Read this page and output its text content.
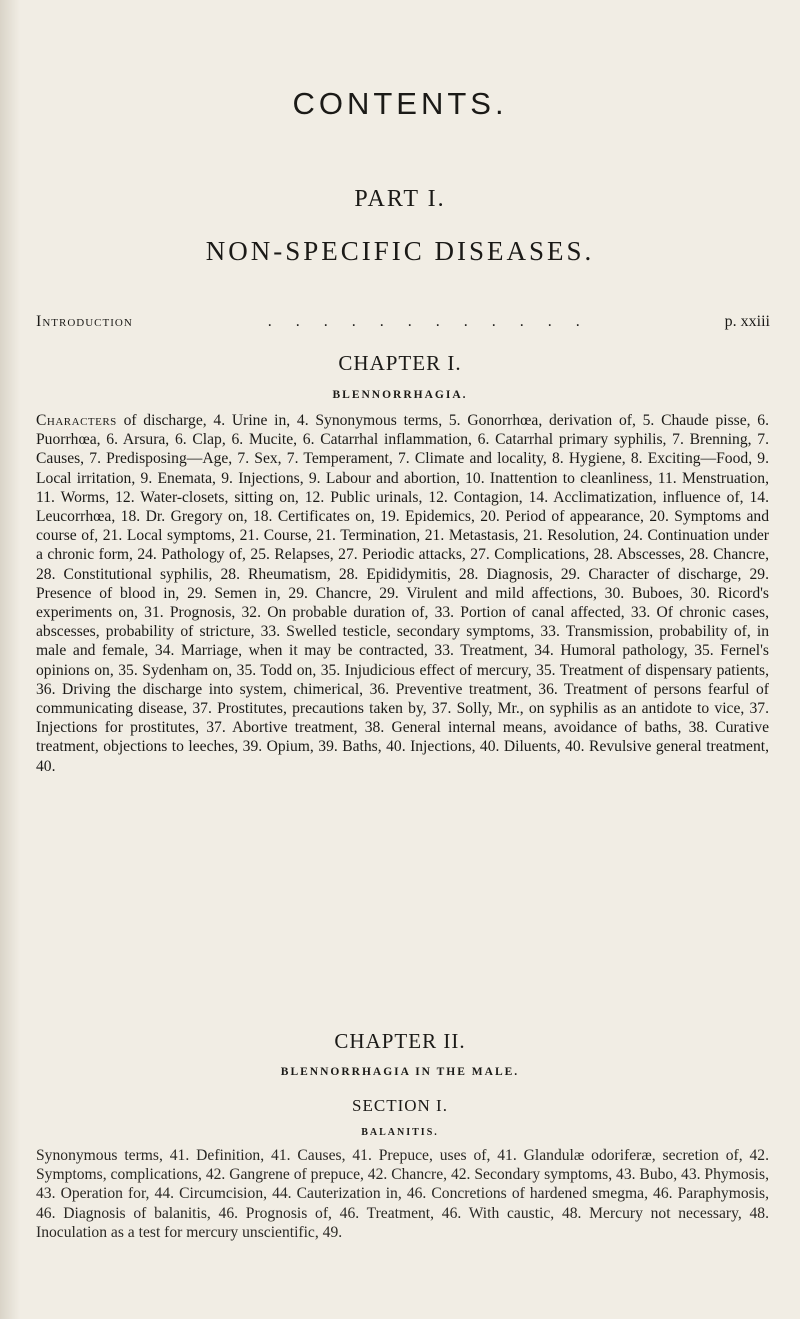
CONTENTS.
PART I.
NON-SPECIFIC DISEASES.
Introduction	. . . . . . . . . . . .	p. xxiii
CHAPTER I.
BLENNORRHAGIA.
Characters of discharge, 4. Urine in, 4. Synonymous terms, 5. Gonorrhœa, derivation of, 5. Chaude pisse, 6. Puorrhœa, 6. Arsura, 6. Clap, 6. Mucite, 6. Catarrhal inflammation, 6. Catarrhal primary syphilis, 7. Brenning, 7. Causes, 7. Predisposing—Age, 7. Sex, 7. Temperament, 7. Climate and locality, 8. Hygiene, 8. Exciting—Food, 9. Local irritation, 9. Enemata, 9. Injections, 9. Labour and abortion, 10. Inattention to cleanliness, 11. Menstruation, 11. Worms, 12. Water-closets, sitting on, 12. Public urinals, 12. Contagion, 14. Acclimatization, influence of, 14. Leucorrhœa, 18. Dr. Gregory on, 18. Certificates on, 19. Epidemics, 20. Period of appearance, 20. Symptoms and course of, 21. Local symptoms, 21. Course, 21. Termination, 21. Metastasis, 21. Resolution, 24. Continuation under a chronic form, 24. Pathology of, 25. Relapses, 27. Periodic attacks, 27. Complications, 28. Abscesses, 28. Chancre, 28. Constitutional syphilis, 28. Rheumatism, 28. Epididymitis, 28. Diagnosis, 29. Character of discharge, 29. Presence of blood in, 29. Semen in, 29. Chancre, 29. Virulent and mild affections, 30. Buboes, 30. Ricord's experiments on, 31. Prognosis, 32. On probable duration of, 33. Portion of canal affected, 33. Of chronic cases, abscesses, probability of stricture, 33. Swelled testicle, secondary symptoms, 33. Transmission, probability of, in male and female, 34. Marriage, when it may be contracted, 33. Treatment, 34. Humoral pathology, 35. Fernel's opinions on, 35. Sydenham on, 35. Todd on, 35. Injudicious effect of mercury, 35. Treatment of dispensary patients, 36. Driving the discharge into system, chimerical, 36. Preventive treatment, 36. Treatment of persons fearful of communicating disease, 37. Prostitutes, precautions taken by, 37. Solly, Mr., on syphilis as an antidote to vice, 37. Injections for prostitutes, 37. Abortive treatment, 38. General internal means, avoidance of baths, 38. Curative treatment, objections to leeches, 39. Opium, 39. Baths, 40. Injections, 40. Diluents, 40. Revulsive general treatment, 40.
CHAPTER II.
BLENNORRHAGIA IN THE MALE.
SECTION I.
BALANITIS.
Synonymous terms, 41. Definition, 41. Causes, 41. Prepuce, uses of, 41. Glandulæ odoriferæ, secretion of, 42. Symptoms, complications, 42. Gangrene of prepuce, 42. Chancre, 42. Secondary symptoms, 43. Bubo, 43. Phymosis, 43. Operation for, 44. Circumcision, 44. Cauterization in, 46. Concretions of hardened smegma, 46. Paraphymosis, 46. Diagnosis of balanitis, 46. Prognosis of, 46. Treatment, 46. With caustic, 48. Mercury not necessary, 48. Inoculation as a test for mercury unscientific, 49.
